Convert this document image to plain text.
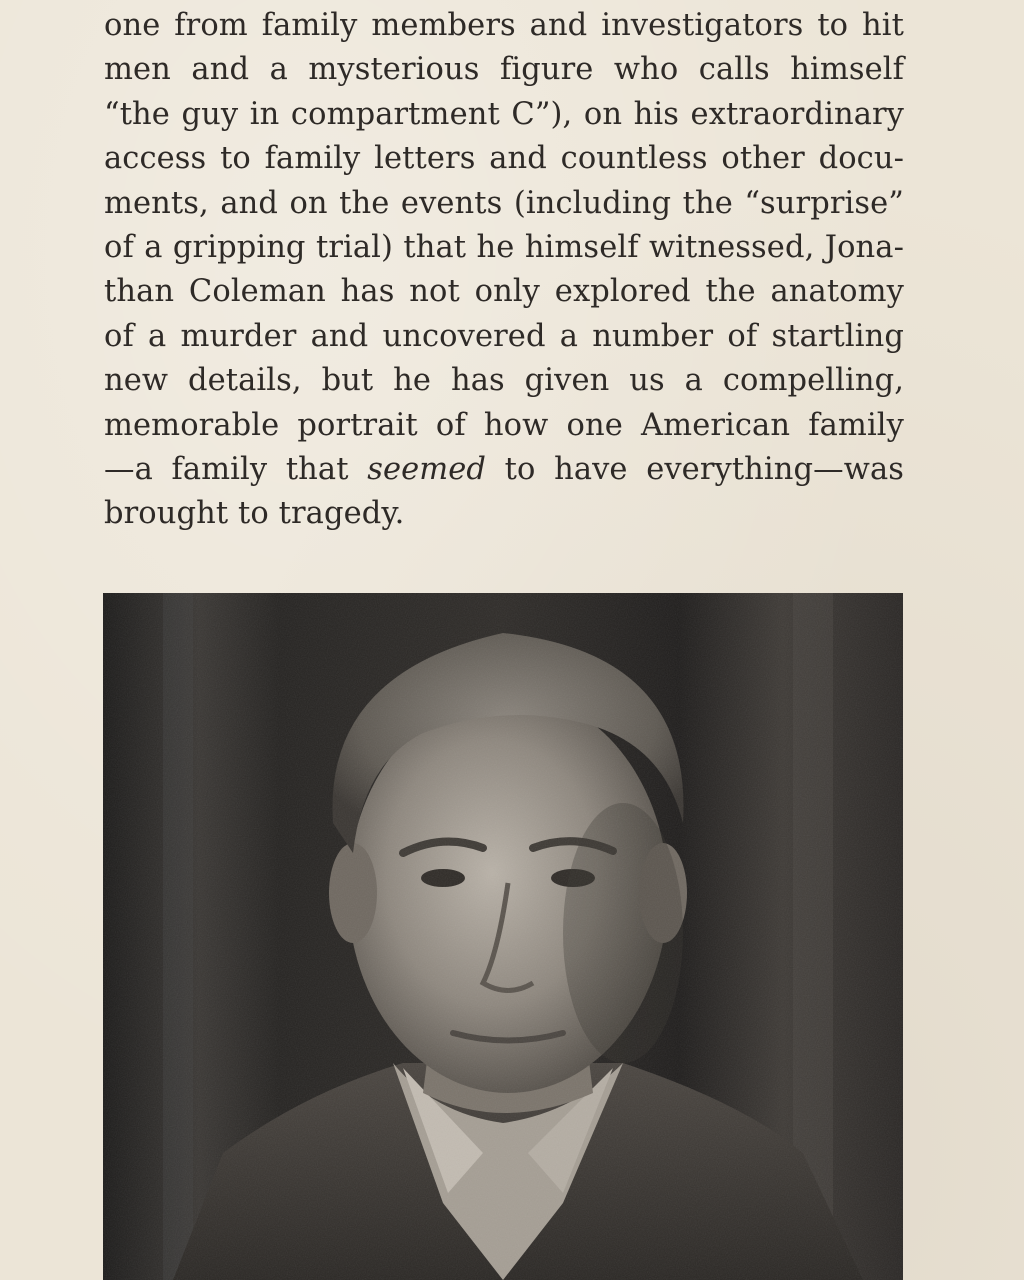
one from family members and investigators to hit
men and a mysterious figure who calls himself
“the guy in compartment C”), on his extraordinary
access to family letters and countless other docu-
ments, and on the events (including the “surprise”
of a gripping trial) that he himself witnessed, Jona-
than Coleman has not only explored the anatomy
of a murder and uncovered a number of startling
new details, but he has given us a compelling,
memorable portrait of how one American family
—a family that seemed to have everything—was
brought to tragedy.
